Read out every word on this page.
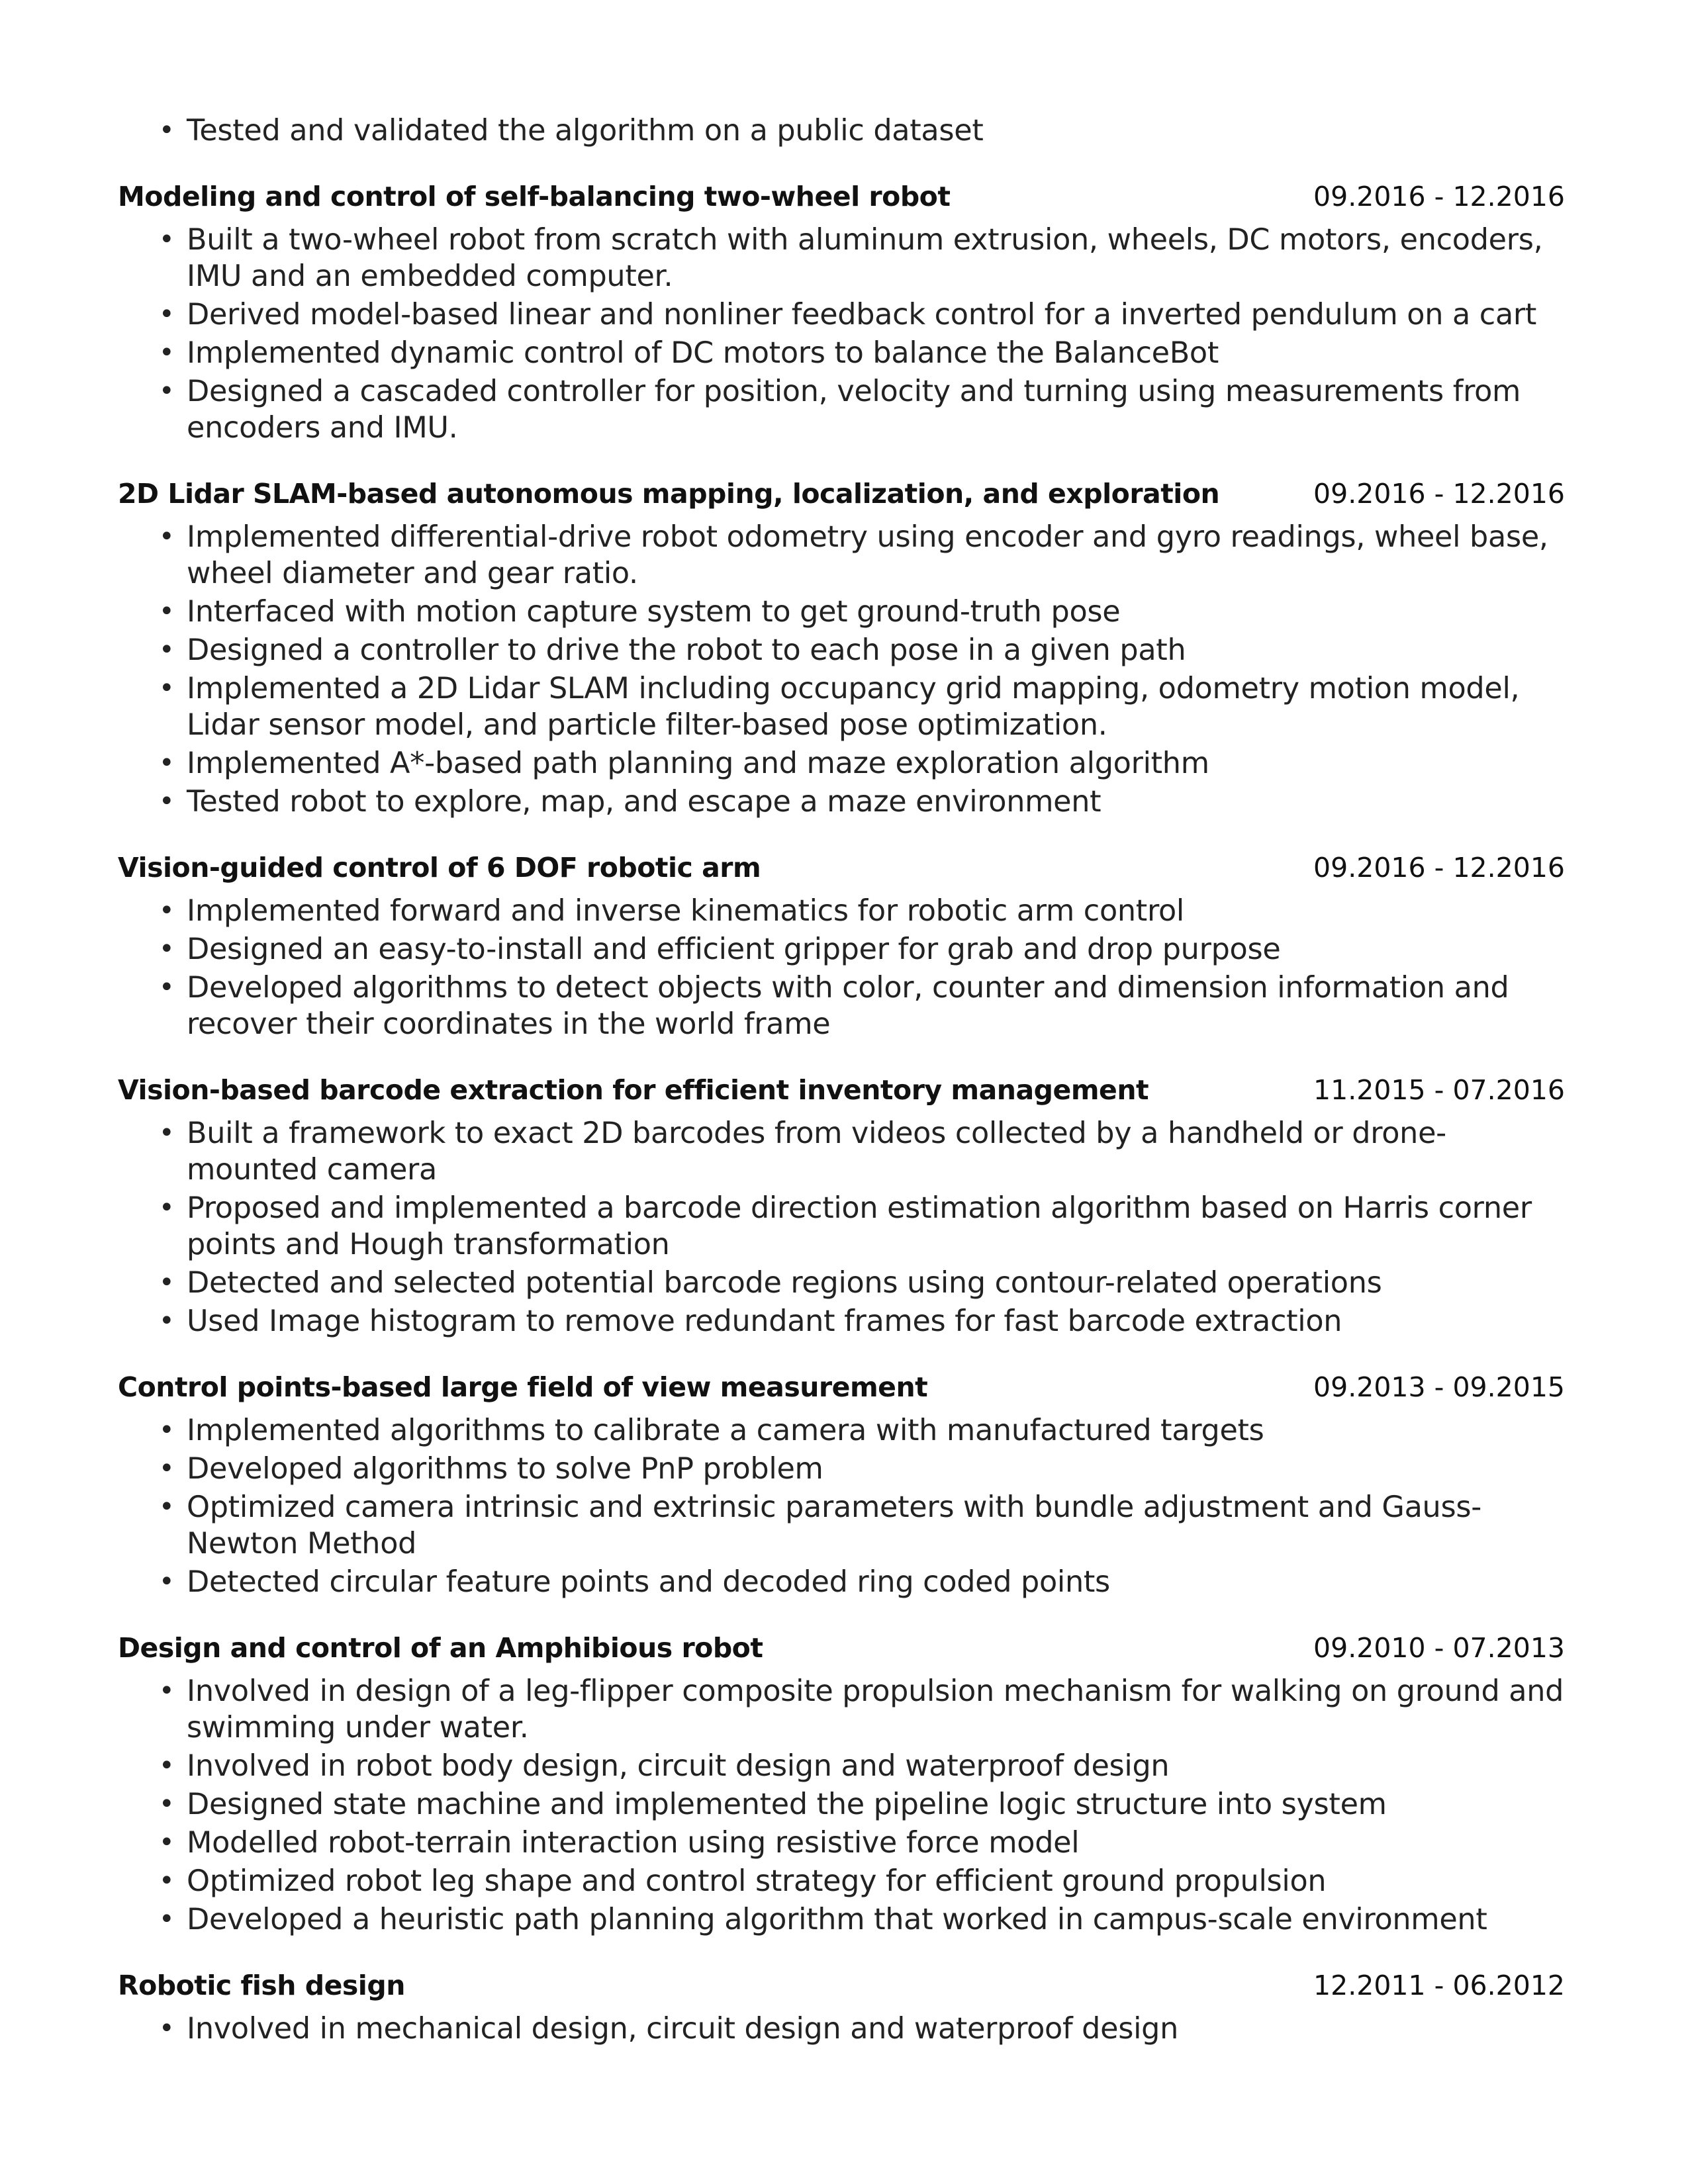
• Tested and validated the algorithm on a public dataset
Modeling and control of self-balancing two-wheel robot	09.2016 - 12.2016
• Built a two-wheel robot from scratch with aluminum extrusion, wheels, DC motors, encoders, IMU and an embedded computer.
• Derived model-based linear and nonliner feedback control for a inverted pendulum on a cart
• Implemented dynamic control of DC motors to balance the BalanceBot
• Designed a cascaded controller for position, velocity and turning using measurements from encoders and IMU.
2D Lidar SLAM-based autonomous mapping, localization, and exploration	09.2016 - 12.2016
• Implemented differential-drive robot odometry using encoder and gyro readings, wheel base, wheel diameter and gear ratio.
• Interfaced with motion capture system to get ground-truth pose
• Designed a controller to drive the robot to each pose in a given path
• Implemented a 2D Lidar SLAM including occupancy grid mapping, odometry motion model, Lidar sensor model, and particle filter-based pose optimization.
• Implemented A*-based path planning and maze exploration algorithm
• Tested robot to explore, map, and escape a maze environment
Vision-guided control of 6 DOF robotic arm	09.2016 - 12.2016
• Implemented forward and inverse kinematics for robotic arm control
• Designed an easy-to-install and efficient gripper for grab and drop purpose
• Developed algorithms to detect objects with color, counter and dimension information and recover their coordinates in the world frame
Vision-based barcode extraction for efficient inventory management	11.2015 - 07.2016
• Built a framework to exact 2D barcodes from videos collected by a handheld or drone-mounted camera
• Proposed and implemented a barcode direction estimation algorithm based on Harris corner points and Hough transformation
• Detected and selected potential barcode regions using contour-related operations
• Used Image histogram to remove redundant frames for fast barcode extraction
Control points-based large field of view measurement	09.2013 - 09.2015
• Implemented algorithms to calibrate a camera with manufactured targets
• Developed algorithms to solve PnP problem
• Optimized camera intrinsic and extrinsic parameters with bundle adjustment and Gauss-Newton Method
• Detected circular feature points and decoded ring coded points
Design and control of an Amphibious robot	09.2010 - 07.2013
• Involved in design of a leg-flipper composite propulsion mechanism for walking on ground and swimming under water.
• Involved in robot body design, circuit design and waterproof design
• Designed state machine and implemented the pipeline logic structure into system
• Modelled robot-terrain interaction using resistive force model
• Optimized robot leg shape and control strategy for efficient ground propulsion
• Developed a heuristic path planning algorithm that worked in campus-scale environment
Robotic fish design	12.2011 - 06.2012
• Involved in mechanical design, circuit design and waterproof design
